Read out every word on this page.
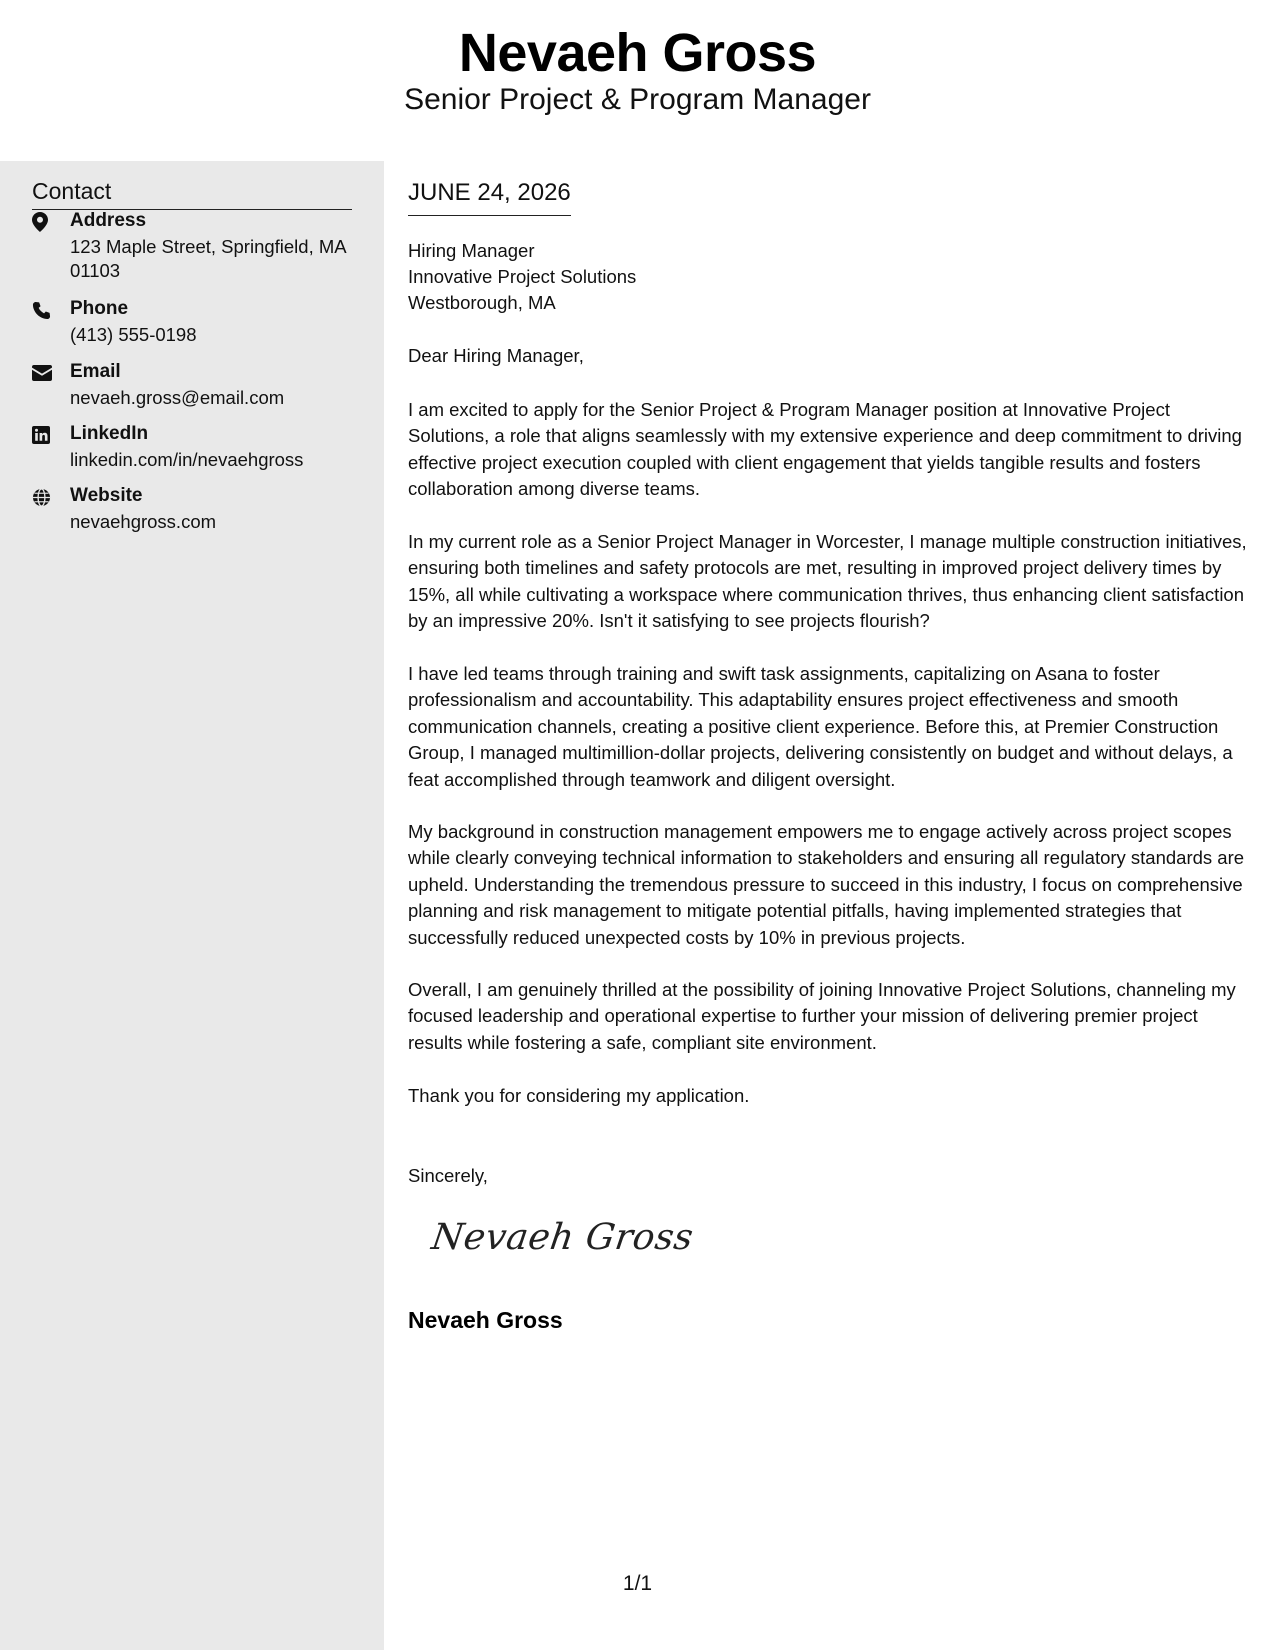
Nevaeh Gross
Senior Project & Program Manager
Contact
Address
123 Maple Street, Springfield, MA 01103
Phone
(413) 555-0198
Email
nevaeh.gross@email.com
LinkedIn
linkedin.com/in/nevaehgross
Website
nevaehgross.com
JUNE 24, 2026
Hiring Manager
Innovative Project Solutions
Westborough, MA
Dear Hiring Manager,
I am excited to apply for the Senior Project & Program Manager position at Innovative Project Solutions, a role that aligns seamlessly with my extensive experience and deep commitment to driving effective project execution coupled with client engagement that yields tangible results and fosters collaboration among diverse teams.
In my current role as a Senior Project Manager in Worcester, I manage multiple construction initiatives, ensuring both timelines and safety protocols are met, resulting in improved project delivery times by 15%, all while cultivating a workspace where communication thrives, thus enhancing client satisfaction by an impressive 20%. Isn't it satisfying to see projects flourish?
I have led teams through training and swift task assignments, capitalizing on Asana to foster professionalism and accountability. This adaptability ensures project effectiveness and smooth communication channels, creating a positive client experience. Before this, at Premier Construction Group, I managed multimillion-dollar projects, delivering consistently on budget and without delays, a feat accomplished through teamwork and diligent oversight.
My background in construction management empowers me to engage actively across project scopes while clearly conveying technical information to stakeholders and ensuring all regulatory standards are upheld. Understanding the tremendous pressure to succeed in this industry, I focus on comprehensive planning and risk management to mitigate potential pitfalls, having implemented strategies that successfully reduced unexpected costs by 10% in previous projects.
Overall, I am genuinely thrilled at the possibility of joining Innovative Project Solutions, channeling my focused leadership and operational expertise to further your mission of delivering premier project results while fostering a safe, compliant site environment.
Thank you for considering my application.
Sincerely,
Nevaeh Gross
Nevaeh Gross
1/1
